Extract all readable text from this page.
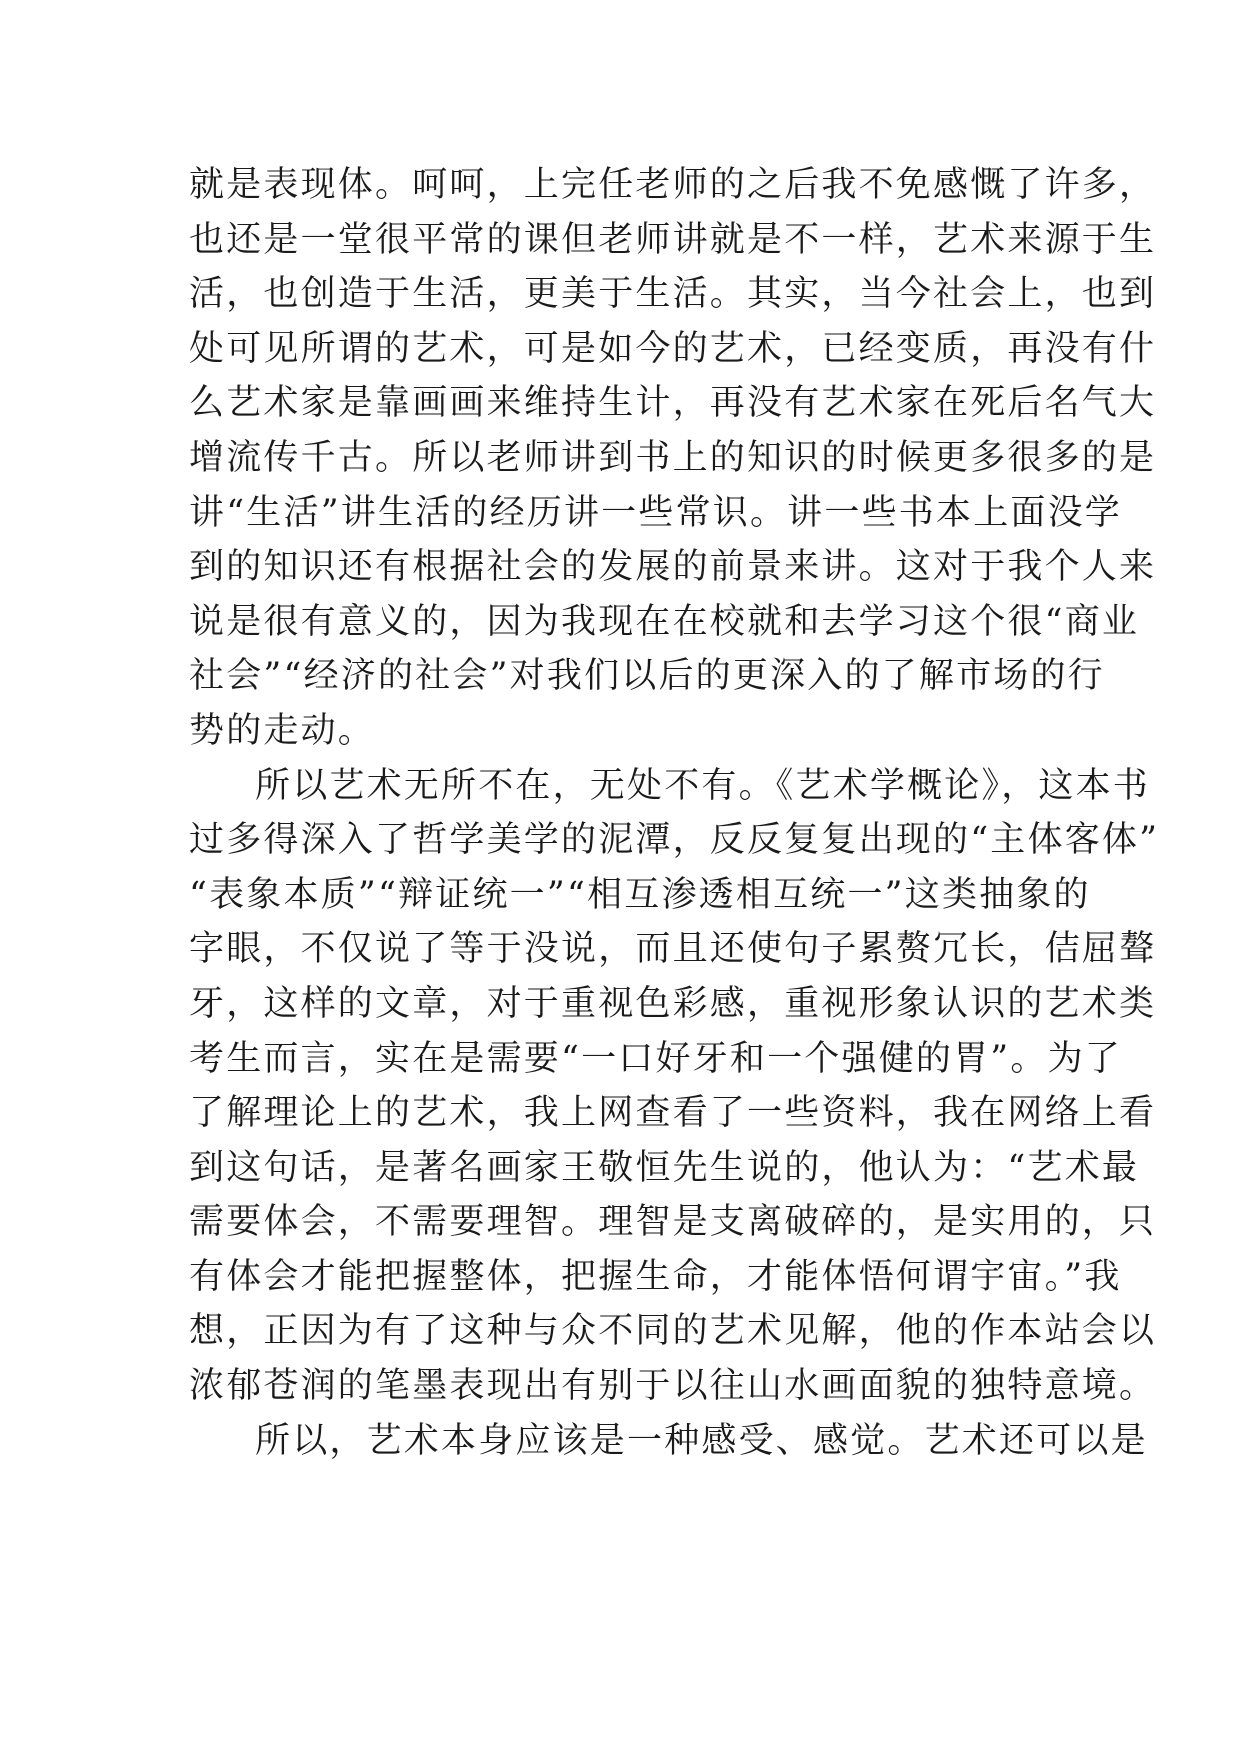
就是表现体。呵呵，上完任老师的之后我不免感慨了许多，
也还是一堂很平常的课但老师讲就是不一样，艺术来源于生
活，也创造于生活，更美于生活。其实，当今社会上，也到
处可见所谓的艺术，可是如今的艺术，已经变质，再没有什
么艺术家是靠画画来维持生计，再没有艺术家在死后名气大
增流传千古。所以老师讲到书上的知识的时候更多很多的是
讲“生活”讲生活的经历讲一些常识。讲一些书本上面没学
到的知识还有根据社会的发展的前景来讲。这对于我个人来
说是很有意义的，因为我现在在校就和去学习这个很“商业
社会”“经济的社会”对我们以后的更深入的了解市场的行
势的走动。
所以艺术无所不在，无处不有。《艺术学概论》，这本书
过多得深入了哲学美学的泥潭，反反复复出现的“主体客体”
“表象本质”“辩证统一”“相互渗透相互统一”这类抽象的
字眼，不仅说了等于没说，而且还使句子累赘冗长，佶屈聱
牙，这样的文章，对于重视色彩感，重视形象认识的艺术类
考生而言，实在是需要“一口好牙和一个强健的胃”。为了
了解理论上的艺术，我上网查看了一些资料，我在网络上看
到这句话，是著名画家王敬恒先生说的，他认为：“艺术最
需要体会，不需要理智。理智是支离破碎的，是实用的，只
有体会才能把握整体，把握生命，才能体悟何谓宇宙。”我
想，正因为有了这种与众不同的艺术见解，他的作本站会以
浓郁苍润的笔墨表现出有别于以往山水画面貌的独特意境。
所以，艺术本身应该是一种感受、感觉。艺术还可以是
